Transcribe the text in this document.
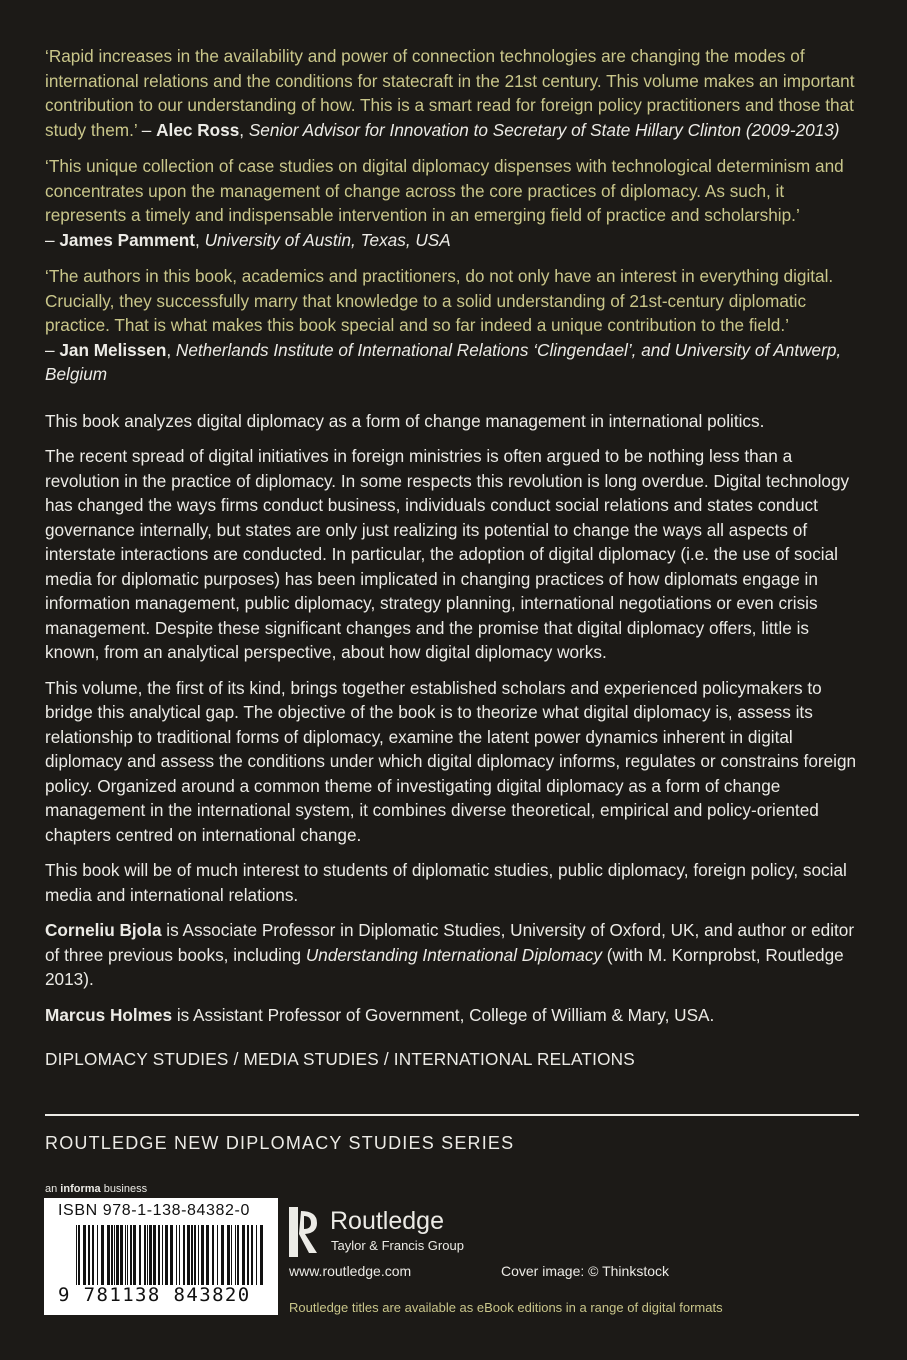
‘Rapid increases in the availability and power of connection technologies are changing the modes of international relations and the conditions for statecraft in the 21st century. This volume makes an important contribution to our understanding of how. This is a smart read for foreign policy practitioners and those that study them.’ – Alec Ross, Senior Advisor for Innovation to Secretary of State Hillary Clinton (2009-2013)

‘This unique collection of case studies on digital diplomacy dispenses with technological determinism and concentrates upon the management of change across the core practices of diplomacy. As such, it represents a timely and indispensable intervention in an emerging field of practice and scholarship.’
– James Pamment, University of Austin, Texas, USA

‘The authors in this book, academics and practitioners, do not only have an interest in everything digital. Crucially, they successfully marry that knowledge to a solid understanding of 21st-century diplomatic practice. That is what makes this book special and so far indeed a unique contribution to the field.’
– Jan Melissen, Netherlands Institute of International Relations ‘Clingendael’, and University of Antwerp, Belgium

This book analyzes digital diplomacy as a form of change management in international politics.

The recent spread of digital initiatives in foreign ministries is often argued to be nothing less than a revolution in the practice of diplomacy. In some respects this revolution is long overdue. Digital technology has changed the ways firms conduct business, individuals conduct social relations and states conduct governance internally, but states are only just realizing its potential to change the ways all aspects of interstate interactions are conducted. In particular, the adoption of digital diplomacy (i.e. the use of social media for diplomatic purposes) has been implicated in changing practices of how diplomats engage in information management, public diplomacy, strategy planning, international negotiations or even crisis management. Despite these significant changes and the promise that digital diplomacy offers, little is known, from an analytical perspective, about how digital diplomacy works.

This volume, the first of its kind, brings together established scholars and experienced policymakers to bridge this analytical gap. The objective of the book is to theorize what digital diplomacy is, assess its relationship to traditional forms of diplomacy, examine the latent power dynamics inherent in digital diplomacy and assess the conditions under which digital diplomacy informs, regulates or constrains foreign policy. Organized around a common theme of investigating digital diplomacy as a form of change management in the international system, it combines diverse theoretical, empirical and policy-oriented chapters centred on international change.

This book will be of much interest to students of diplomatic studies, public diplomacy, foreign policy, social media and international relations.

Corneliu Bjola is Associate Professor in Diplomatic Studies, University of Oxford, UK, and author or editor of three previous books, including Understanding International Diplomacy (with M. Kornprobst, Routledge 2013).

Marcus Holmes is Assistant Professor of Government, College of William & Mary, USA.

DIPLOMACY STUDIES / MEDIA STUDIES / INTERNATIONAL RELATIONS
ROUTLEDGE NEW DIPLOMACY STUDIES SERIES
an informa business
ISBN 978-1-138-84382-0
9 781138 843820
Routledge
Taylor & Francis Group
www.routledge.com	Cover image: © Thinkstock
Routledge titles are available as eBook editions in a range of digital formats
